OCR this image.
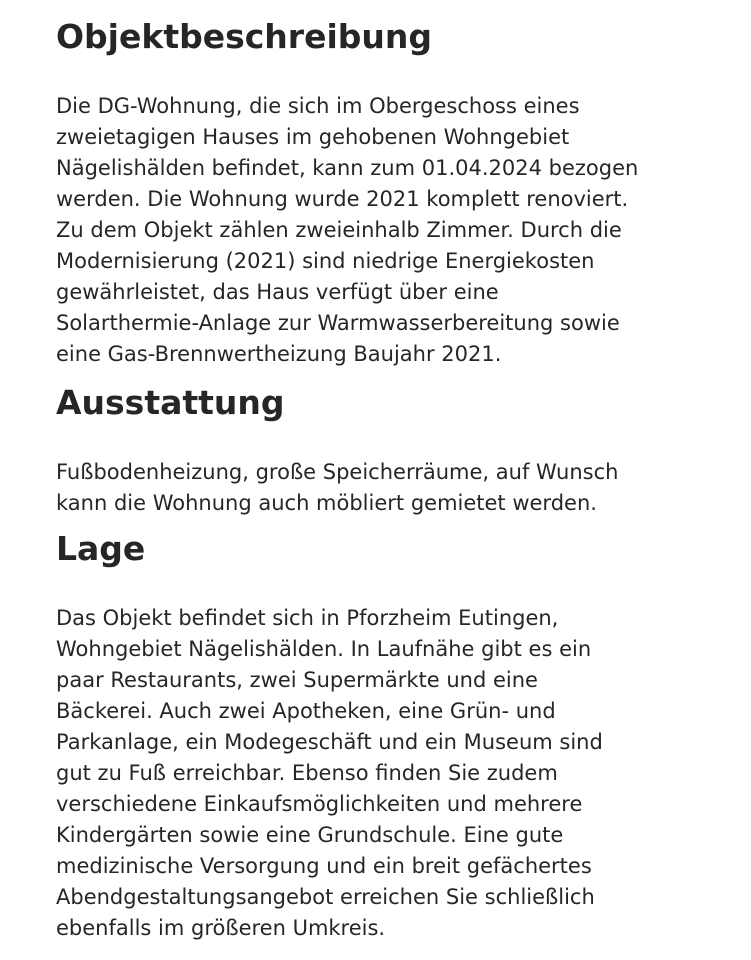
Objektbeschreibung

Die DG-Wohnung, die sich im Obergeschoss eines
zweietagigen Hauses im gehobenen Wohngebiet
Nägelishälden befindet, kann zum 01.04.2024 bezogen
werden. Die Wohnung wurde 2021 komplett renoviert.
Zu dem Objekt zählen zweieinhalb Zimmer. Durch die
Modernisierung (2021) sind niedrige Energiekosten
gewährleistet, das Haus verfügt über eine
Solarthermie-Anlage zur Warmwasserbereitung sowie
eine Gas-Brennwertheizung Baujahr 2021.

Ausstattung

Fußbodenheizung, große Speicherräume, auf Wunsch
kann die Wohnung auch möbliert gemietet werden.

Lage

Das Objekt befindet sich in Pforzheim Eutingen,
Wohngebiet Nägelishälden. In Laufnähe gibt es ein
paar Restaurants, zwei Supermärkte und eine
Bäckerei. Auch zwei Apotheken, eine Grün- und
Parkanlage, ein Modegeschäft und ein Museum sind
gut zu Fuß erreichbar. Ebenso finden Sie zudem
verschiedene Einkaufsmöglichkeiten und mehrere
Kindergärten sowie eine Grundschule. Eine gute
medizinische Versorgung und ein breit gefächertes
Abendgestaltungsangebot erreichen Sie schließlich
ebenfalls im größeren Umkreis.
